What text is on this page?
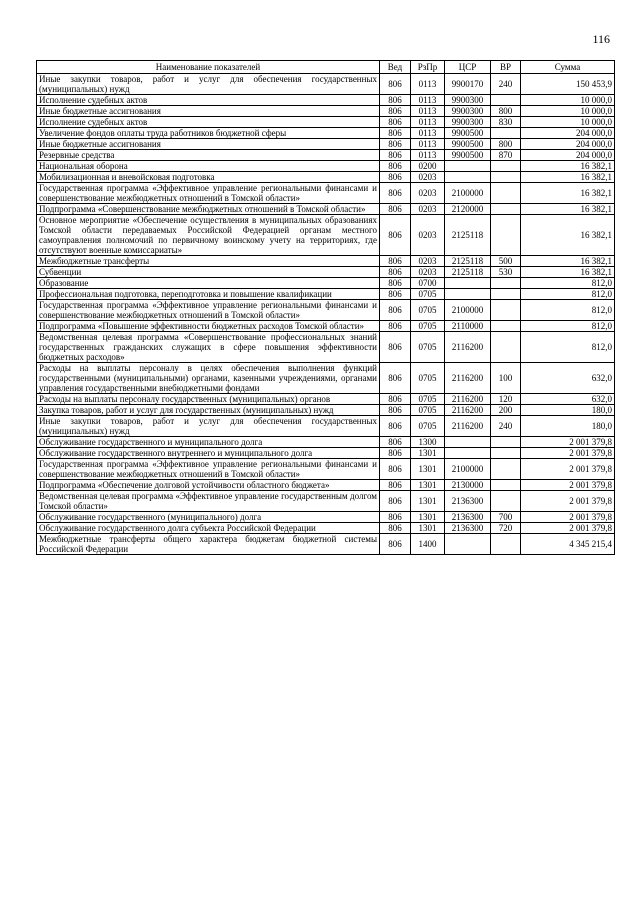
116
Наименование показателей	Вед	РзПр	ЦСР	ВР	Сумма
Иные закупки товаров, работ и услуг для обеспечения государственных (муниципальных) нужд	806	0113	9900170	240	150 453,9
Исполнение судебных актов	806	0113	9900300		10 000,0
Иные бюджетные ассигнования	806	0113	9900300	800	10 000,0
Исполнение судебных актов	806	0113	9900300	830	10 000,0
Увеличение фондов оплаты труда работников бюджетной сферы	806	0113	9900500		204 000,0
Иные бюджетные ассигнования	806	0113	9900500	800	204 000,0
Резервные средства	806	0113	9900500	870	204 000,0
Национальная оборона	806	0200			16 382,1
Мобилизационная и вневойсковая подготовка	806	0203			16 382,1
Государственная программа «Эффективное управление региональными финансами и совершенствование межбюджетных отношений в Томской области»	806	0203	2100000		16 382,1
Подпрограмма «Совершенствование межбюджетных отношений в Томской области»	806	0203	2120000		16 382,1
Основное мероприятие «Обеспечение осуществления в муниципальных образованиях Томской области передаваемых Российской Федерацией органам местного самоуправления полномочий по первичному воинскому учету на территориях, где отсутствуют военные комиссариаты»	806	0203	2125118		16 382,1
Межбюджетные трансферты	806	0203	2125118	500	16 382,1
Субвенции	806	0203	2125118	530	16 382,1
Образование	806	0700			812,0
Профессиональная подготовка, переподготовка и повышение квалификации	806	0705			812,0
Государственная программа «Эффективное управление региональными финансами и совершенствование межбюджетных отношений в Томской области»	806	0705	2100000		812,0
Подпрограмма «Повышение эффективности бюджетных расходов Томской области»	806	0705	2110000		812,0
Ведомственная целевая программа «Совершенствование профессиональных знаний государственных гражданских служащих в сфере повышения эффективности бюджетных расходов»	806	0705	2116200		812,0
Расходы на выплаты персоналу в целях обеспечения выполнения функций государственными (муниципальными) органами, казенными учреждениями, органами управления государственными внебюджетными фондами	806	0705	2116200	100	632,0
Расходы на выплаты персоналу государственных (муниципальных) органов	806	0705	2116200	120	632,0
Закупка товаров, работ и услуг для государственных (муниципальных) нужд	806	0705	2116200	200	180,0
Иные закупки товаров, работ и услуг для обеспечения государственных (муниципальных) нужд	806	0705	2116200	240	180,0
Обслуживание государственного и муниципального долга	806	1300			2 001 379,8
Обслуживание государственного внутреннего и муниципального долга	806	1301			2 001 379,8
Государственная программа «Эффективное управление региональными финансами и совершенствование межбюджетных отношений в Томской области»	806	1301	2100000		2 001 379,8
Подпрограмма «Обеспечение долговой устойчивости областного бюджета»	806	1301	2130000		2 001 379,8
Ведомственная целевая программа «Эффективное управление государственным долгом Томской области»	806	1301	2136300		2 001 379,8
Обслуживание государственного (муниципального) долга	806	1301	2136300	700	2 001 379,8
Обслуживание государственного долга субъекта Российской Федерации	806	1301	2136300	720	2 001 379,8
Межбюджетные трансферты общего характера бюджетам бюджетной системы Российской Федерации	806	1400			4 345 215,4
